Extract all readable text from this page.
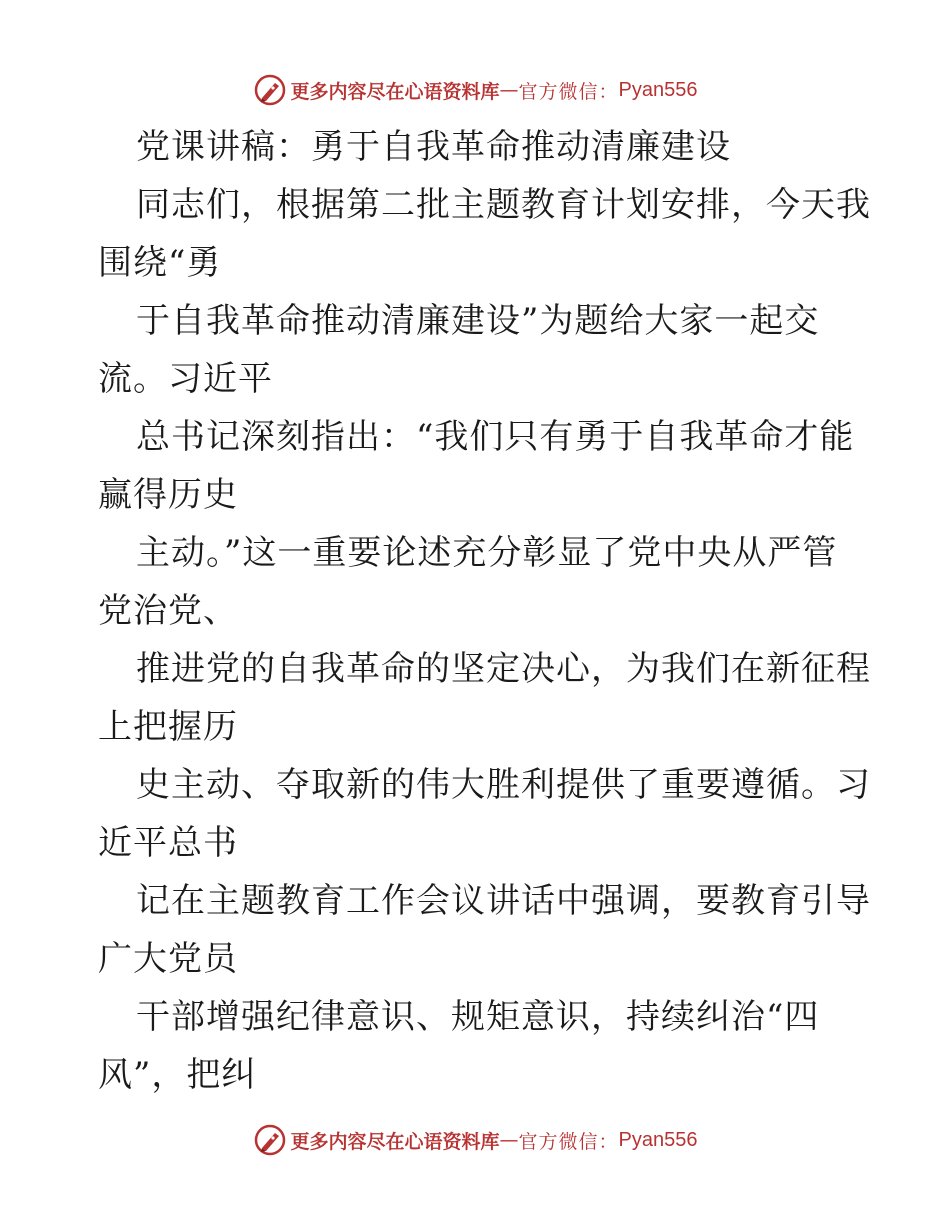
更多内容尽在心语资料库 — 官方微信： Pyan556
党课讲稿：勇于自我革命推动清廉建设
同志们，根据第二批主题教育计划安排，今天我
围绕“勇
于自我革命推动清廉建设”为题给大家一起交
流。习近平
总书记深刻指出：“我们只有勇于自我革命才能
赢得历史
主动。”这一重要论述充分彰显了党中央从严管
党治党、
推进党的自我革命的坚定决心，为我们在新征程
上把握历
史主动、夺取新的伟大胜利提供了重要遵循。习
近平总书
记在主题教育工作会议讲话中强调，要教育引导
广大党员
干部增强纪律意识、规矩意识，持续纠治“四
风”，把纠
更多内容尽在心语资料库 — 官方微信： Pyan556
